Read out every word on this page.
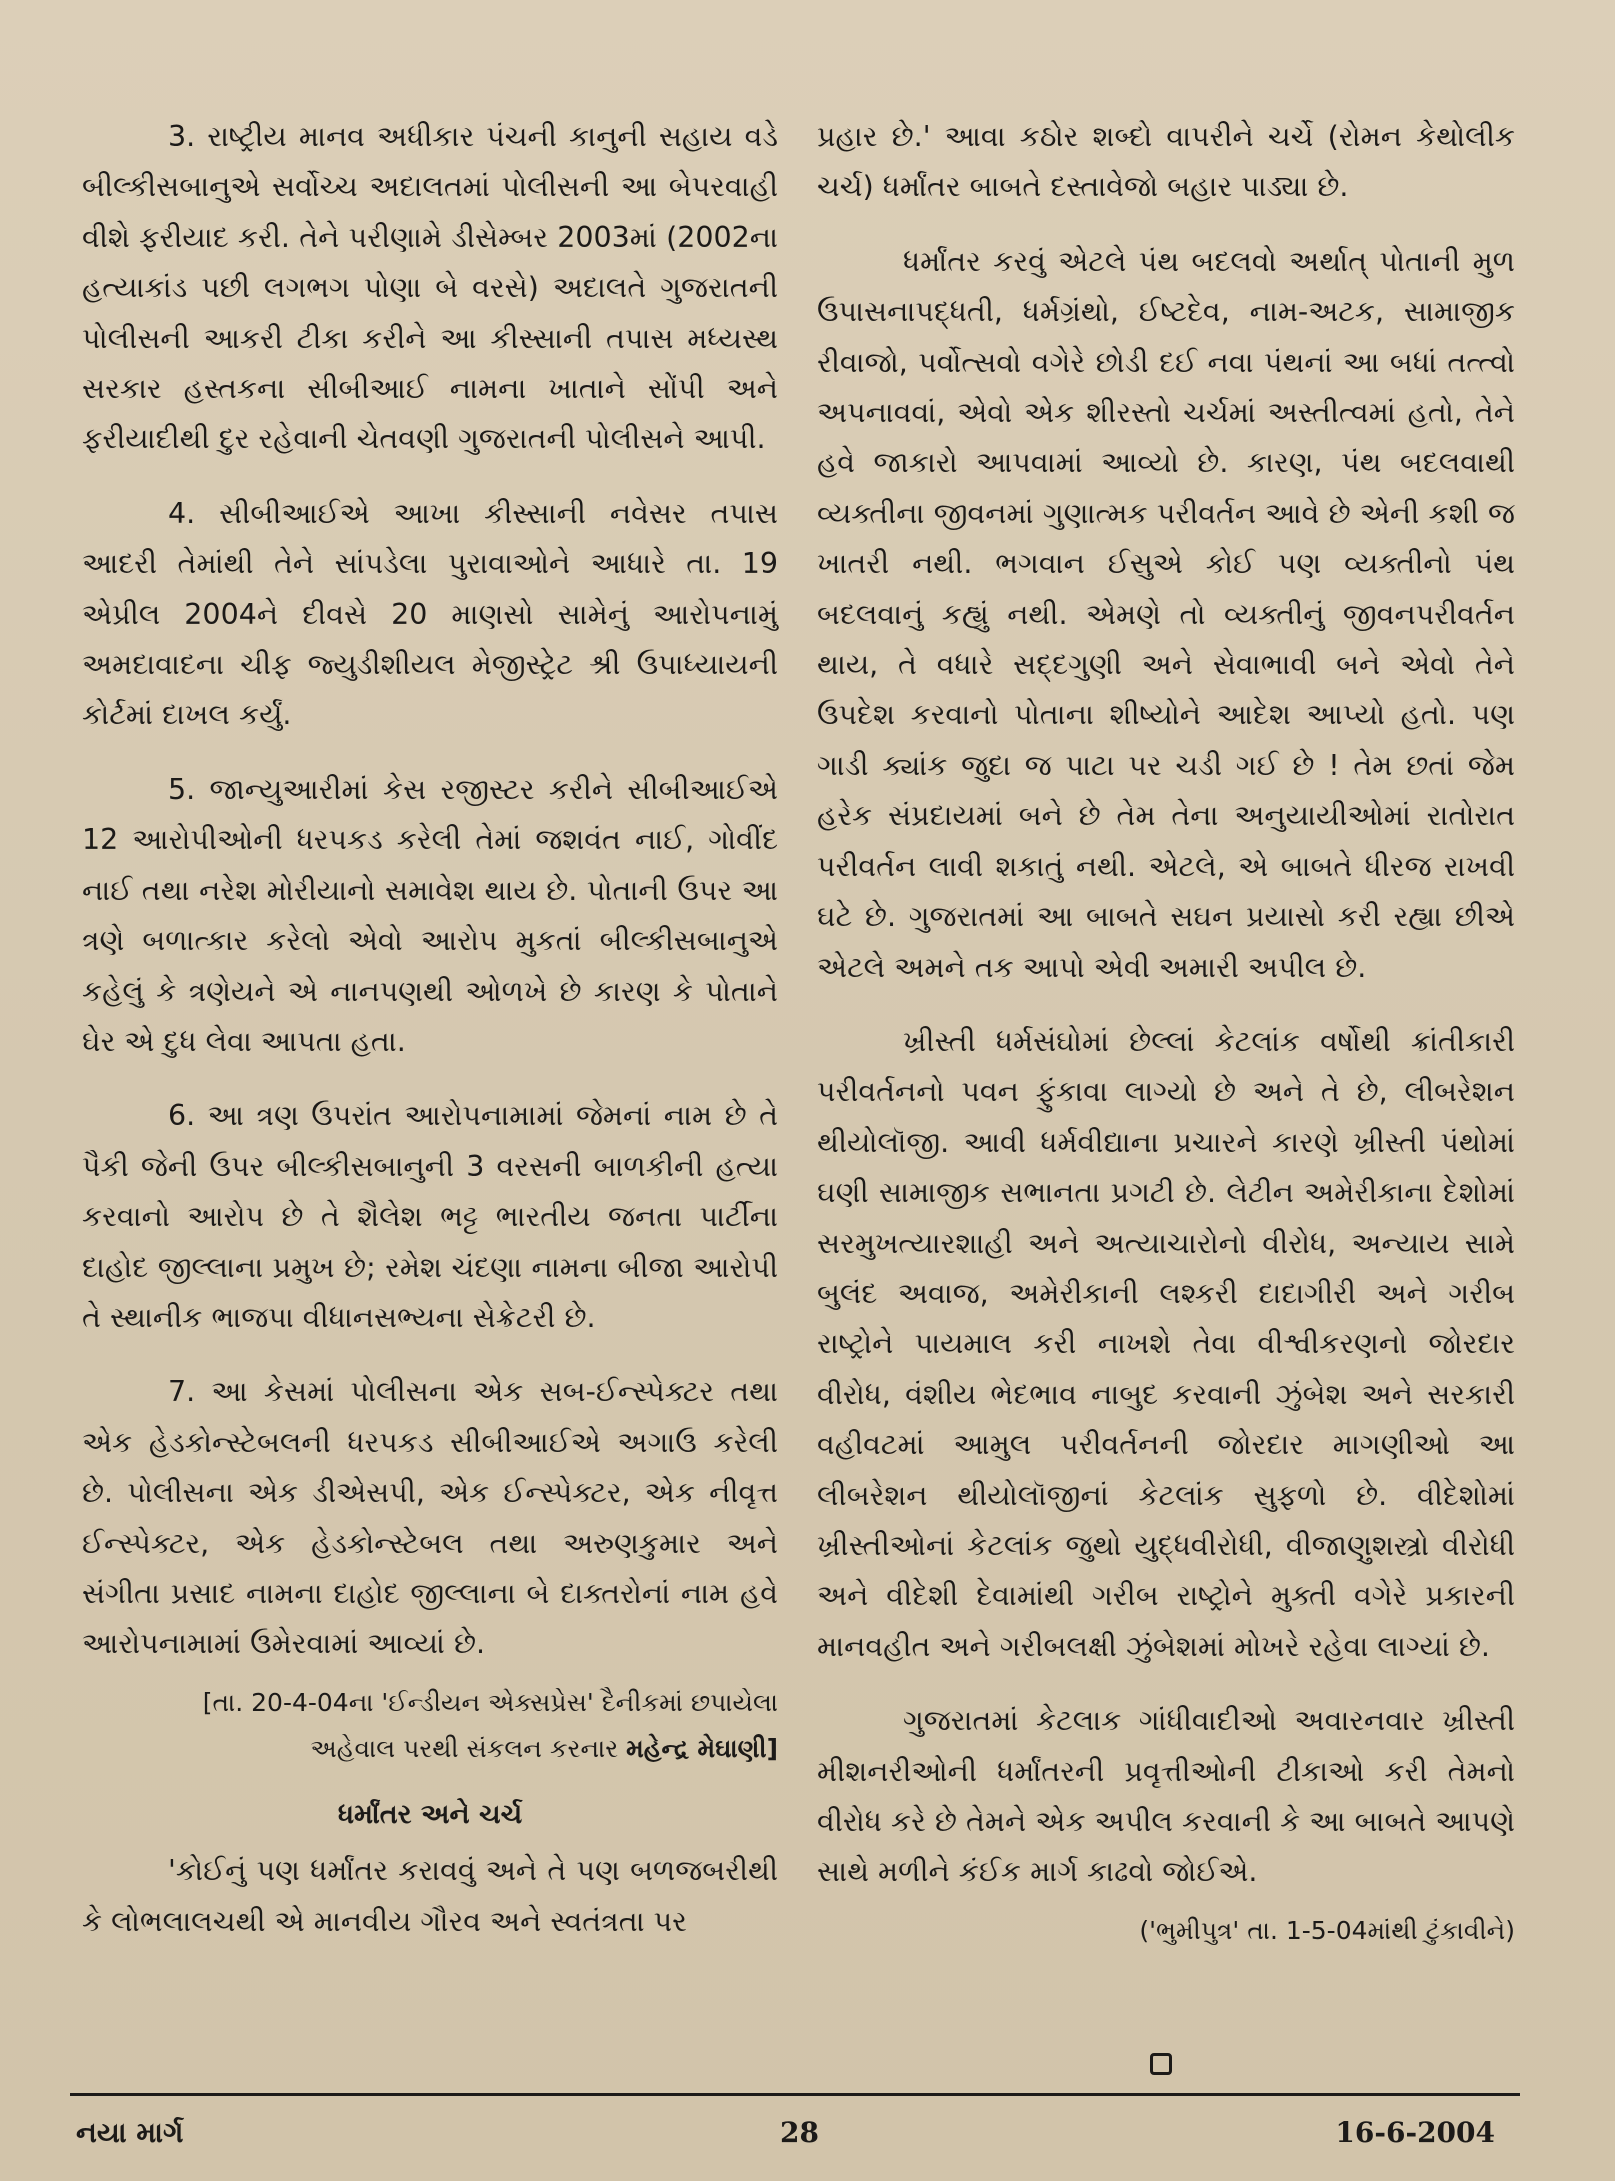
3. રાષ્ટ્રીય માનવ અધીકાર પંચની કાનુની સહાય વડે બીલ્કીસબાનુએ સર્વોચ્ચ અદાલતમાં પોલીસની આ બેપરવાહી વીશે ફરીયાદ કરી. તેને પરીણામે ડીસેમ્બર 2003માં (2002ના હત્યાકાંડ પછી લગભગ પોણા બે વરસે) અદાલતે ગુજરાતની પોલીસની આકરી ટીકા કરીને આ કીસ્સાની તપાસ મધ્યસ્થ સરકાર હસ્તકના સીબીઆઈ નામના ખાતાને સોંપી અને ફરીયાદીથી દુર રહેવાની ચેતવણી ગુજરાતની પોલીસને આપી.

4. સીબીઆઈએ આખા કીસ્સાની નવેસર તપાસ આદરી તેમાંથી તેને સાંપડેલા પુરાવાઓને આધારે તા. 19 એપ્રીલ 2004ને દીવસે 20 માણસો સામેનું આરોપનામું અમદાવાદના ચીફ જ્યુડીશીયલ મેજીસ્ટ્રેટ શ્રી ઉપાધ્યાયની કોર્ટમાં દાખલ કર્યું.

5. જાન્યુઆરીમાં કેસ રજીસ્ટર કરીને સીબીઆઈએ 12 આરોપીઓની ધરપકડ કરેલી તેમાં જશવંત નાઈ, ગોવીંદ નાઈ તથા નરેશ મોરીયાનો સમાવેશ થાય છે. પોતાની ઉપર આ ત્રણે બળાત્કાર કરેલો એવો આરોપ મુકતાં બીલ્કીસબાનુએ કહેલું કે ત્રણેયને એ નાનપણથી ઓળખે છે કારણ કે પોતાને ઘેર એ દુધ લેવા આપતા હતા.

6. આ ત્રણ ઉપરાંત આરોપનામામાં જેમનાં નામ છે તે પૈકી જેની ઉપર બીલ્કીસબાનુની 3 વરસની બાળકીની હત્યા કરવાનો આરોપ છે તે શૈલેશ ભટ્ટ ભારતીય જનતા પાર્ટીના દાહોદ જીલ્લાના પ્રમુખ છે; રમેશ ચંદણા નામના બીજા આરોપી તે સ્થાનીક ભાજપા વીધાનસભ્યના સેક્રેટરી છે.

7. આ કેસમાં પોલીસના એક સબ-ઈન્સ્પેક્ટર તથા એક હેડકોન્સ્ટેબલની ધરપકડ સીબીઆઈએ અગાઉ કરેલી છે. પોલીસના એક ડીએસપી, એક ઈન્સ્પેક્ટર, એક નીવૃત્ત ઈન્સ્પેક્ટર, એક હેડકોન્સ્ટેબલ તથા અરુણકુમાર અને સંગીતા પ્રસાદ નામના દાહોદ જીલ્લાના બે દાક્તરોનાં નામ હવે આરોપનામામાં ઉમેરવામાં આવ્યાં છે.

[તા. 20-4-04ના 'ઈન્ડીયન એક્સપ્રેસ' દૈનીકમાં છપાયેલા
અહેવાલ પરથી સંકલન કરનાર મહેન્દ્ર મેઘાણી]
ધર્માંતર અને ચર્ચ

'કોઈનું પણ ધર્માંતર કરાવવું અને તે પણ બળજબરીથી કે લોભલાલચથી એ માનવીય ગૌરવ અને સ્વતંત્રતા પર

પ્રહાર છે.' આવા કઠોર શબ્દો વાપરીને ચર્ચે (રોમન કેથોલીક ચર્ચ) ધર્માંતર બાબતે દસ્તાવેજો બહાર પાડ્યા છે.

ધર્માંતર કરવું એટલે પંથ બદલવો અર્થાત્ પોતાની મુળ ઉપાસનાપદ્ધતી, ધર્મગ્રંથો, ઈષ્ટદેવ, નામ-અટક, સામાજીક રીવાજો, પર્વોત્સવો વગેરે છોડી દઈ નવા પંથનાં આ બધાં તત્ત્વો અપનાવવાં, એવો એક શીરસ્તો ચર્ચમાં અસ્તીત્વમાં હતો, તેને હવે જાકારો આપવામાં આવ્યો છે. કારણ, પંથ બદલવાથી વ્યક્તીના જીવનમાં ગુણાત્મક પરીવર્તન આવે છે એની કશી જ ખાતરી નથી. ભગવાન ઈસુએ કોઈ પણ વ્યક્તીનો પંથ બદલવાનું કહ્યું નથી. એમણે તો વ્યક્તીનું જીવનપરીવર્તન થાય, તે વધારે સદ્દગુણી અને સેવાભાવી બને એવો તેને ઉપદેશ કરવાનો પોતાના શીષ્યોને આદેશ આપ્યો હતો. પણ ગાડી ક્યાંક જુદા જ પાટા પર ચડી ગઈ છે ! તેમ છતાં જેમ હરેક સંપ્રદાયમાં બને છે તેમ તેના અનુયાયીઓમાં રાતોરાત પરીવર્તન લાવી શકાતું નથી. એટલે, એ બાબતે ધીરજ રાખવી ઘટે છે. ગુજરાતમાં આ બાબતે સઘન પ્રયાસો કરી રહ્યા છીએ એટલે અમને તક આપો એવી અમારી અપીલ છે.

ખ્રીસ્તી ધર્મસંઘોમાં છેલ્લાં કેટલાંક વર્ષોથી ક્રાંતીકારી પરીવર્તનનો પવન ફુંકાવા લાગ્યો છે અને તે છે, લીબરેશન થીયોલૉજી. આવી ધર્મવીદ્યાના પ્રચારને કારણે ખ્રીસ્તી પંથોમાં ઘણી સામાજીક સભાનતા પ્રગટી છે. લેટીન અમેરીકાના દેશોમાં સરમુખત્યારશાહી અને અત્યાચારોનો વીરોધ, અન્યાય સામે બુલંદ અવાજ, અમેરીકાની લશ્કરી દાદાગીરી અને ગરીબ રાષ્ટ્રોને પાયમાલ કરી નાખશે તેવા વીશ્વીકરણનો જોરદાર વીરોધ, વંશીય ભેદભાવ નાબુદ કરવાની ઝુંબેશ અને સરકારી વહીવટમાં આમુલ પરીવર્તનની જોરદાર માગણીઓ આ લીબરેશન થીયોલૉજીનાં કેટલાંક સુફળો છે. વીદેશોમાં ખ્રીસ્તીઓનાં કેટલાંક જુથો યુદ્ધવીરોધી, વીજાણુશસ્ત્રો વીરોધી અને વીદેશી દેવામાંથી ગરીબ રાષ્ટ્રોને મુક્તી વગેરે પ્રકારની માનવહીત અને ગરીબલક્ષી ઝુંબેશમાં મોખરે રહેવા લાગ્યાં છે.

ગુજરાતમાં કેટલાક ગાંધીવાદીઓ અવારનવાર ખ્રીસ્તી મીશનરીઓની ધર્માંતરની પ્રવૃત્તીઓની ટીકાઓ કરી તેમનો વીરોધ કરે છે તેમને એક અપીલ કરવાની કે આ બાબતે આપણે સાથે મળીને કંઈક માર્ગ કાઢવો જોઈએ.

('ભુમીપુત્ર' તા. 1-5-04માંથી ટુંકાવીને)
નયા માર્ગ	28	16-6-2004
